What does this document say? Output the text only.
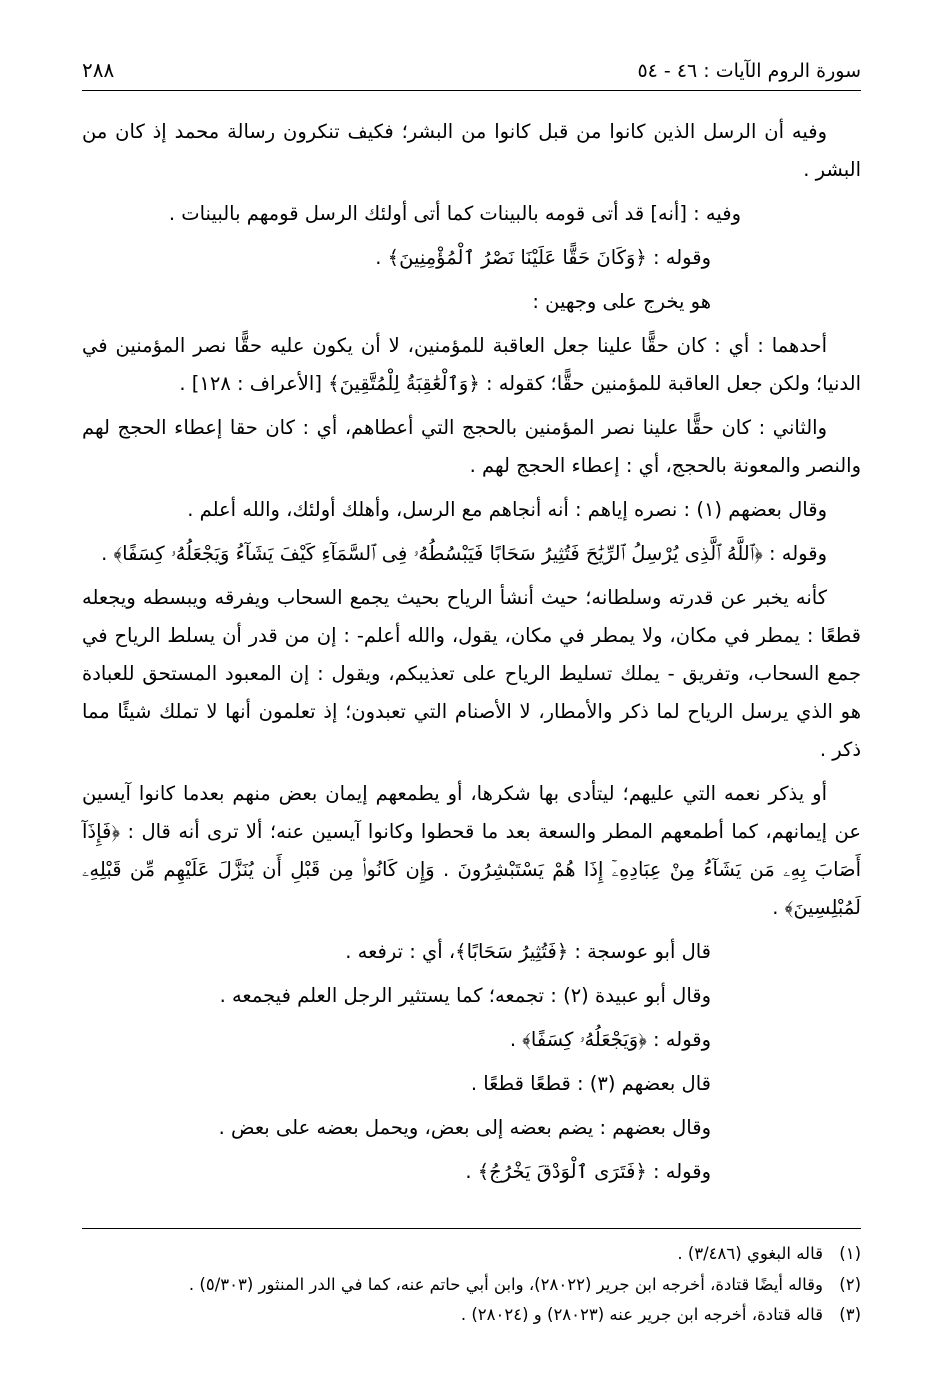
سورة الروم الآيات : ٤٦ - ٥٤
٢٨٨

وفيه أن الرسل الذين كانوا من قبل كانوا من البشر؛ فكيف تنكرون رسالة محمد إذ كان من البشر .

وفيه : [أنه] قد أتى قومه بالبينات كما أتى أولئك الرسل قومهم بالبينات .

وقوله : ﴿وَكَانَ حَقًّا عَلَيْنَا نَصْرُ ٱلْمُؤْمِنِينَ﴾ .

هو يخرج على وجهين :

أحدهما : أي : كان حقًّا علينا جعل العاقبة للمؤمنين، لا أن يكون عليه حقًّا نصر المؤمنين في الدنيا؛ ولكن جعل العاقبة للمؤمنين حقًّا؛ كقوله : ﴿وَٱلْعَٰقِبَةُ لِلْمُتَّقِينَ﴾ [الأعراف : ١٢٨] .

والثاني : كان حقًّا علينا نصر المؤمنين بالحجج التي أعطاهم، أي : كان حقا إعطاء الحجج لهم والنصر والمعونة بالحجج، أي : إعطاء الحجج لهم .

وقال بعضهم (١) : نصره إياهم : أنه أنجاهم مع الرسل، وأهلك أولئك، والله أعلم .

وقوله : ﴿ٱللَّهُ ٱلَّذِى يُرْسِلُ ٱلرِّيَٰحَ فَتُثِيرُ سَحَابًا فَيَبْسُطُهُۥ فِى ٱلسَّمَآءِ كَيْفَ يَشَآءُ وَيَجْعَلُهُۥ كِسَفًا﴾ .

كأنه يخبر عن قدرته وسلطانه؛ حيث أنشأ الرياح بحيث يجمع السحاب ويفرقه ويبسطه ويجعله قطعًا : يمطر في مكان، ولا يمطر في مكان، يقول، والله أعلم- : إن من قدر أن يسلط الرياح في جمع السحاب، وتفريق - يملك تسليط الرياح على تعذيبكم، ويقول : إن المعبود المستحق للعبادة هو الذي يرسل الرياح لما ذكر والأمطار، لا الأصنام التي تعبدون؛ إذ تعلمون أنها لا تملك شيئًا مما ذكر .

أو يذكر نعمه التي عليهم؛ ليتأدى بها شكرها، أو يطمعهم إيمان بعض منهم بعدما كانوا آيسين عن إيمانهم، كما أطمعهم المطر والسعة بعد ما قحطوا وكانوا آيسين عنه؛ ألا ترى أنه قال : ﴿فَإِذَآ أَصَابَ بِهِۦ مَن يَشَآءُ مِنْ عِبَادِهِۦٓ إِذَا هُمْ يَسْتَبْشِرُونَ . وَإِن كَانُوا۟ مِن قَبْلِ أَن يُنَزَّلَ عَلَيْهِم مِّن قَبْلِهِۦ لَمُبْلِسِينَ﴾ .

قال أبو عوسجة : ﴿فَتُثِيرُ سَحَابًا﴾، أي : ترفعه .

وقال أبو عبيدة (٢) : تجمعه؛ كما يستثير الرجل العلم فيجمعه .

وقوله : ﴿وَيَجْعَلُهُۥ كِسَفًا﴾ .

قال بعضهم (٣) : قطعًا قطعًا .

وقال بعضهم : يضم بعضه إلى بعض، ويحمل بعضه على بعض .

وقوله : ﴿فَتَرَى ٱلْوَدْقَ يَخْرُجُ﴾ .

(١)
قاله البغوي (٣/٤٨٦) .
(٢)
وقاله أيضًا قتادة، أخرجه ابن جرير (٢٨٠٢٢)، وابن أبي حاتم عنه، كما في الدر المنثور (٥/٣٠٣) .
(٣)
قاله قتادة، أخرجه ابن جرير عنه (٢٨٠٢٣) و (٢٨٠٢٤) .
